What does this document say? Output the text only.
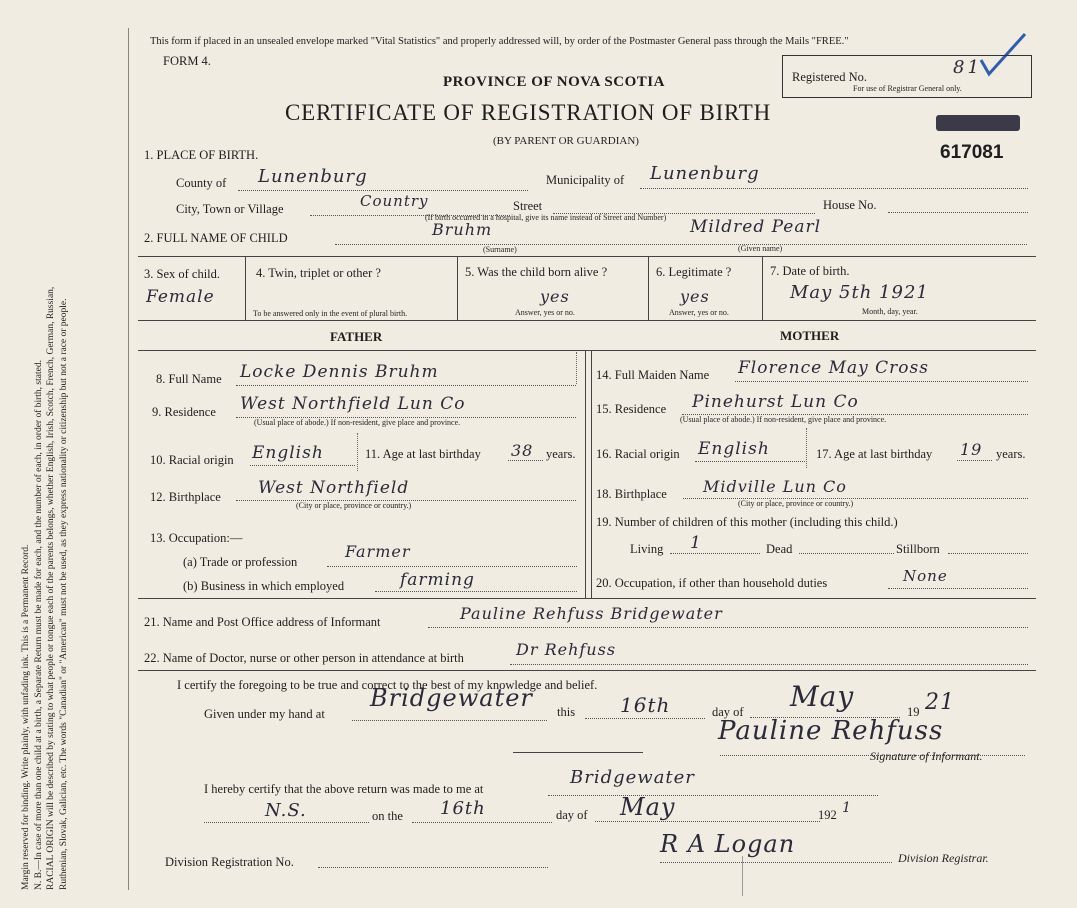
Margin reserved for binding. Write plainly, with unfading ink. This is a Permanent Record. N. B.—In case of more than one child at a birth, a Separate Return must be made for each, and the number of each, in order of birth, stated. RACIAL ORIGIN will be described by stating to what people or tongue each of the parents belongs, whether English, Irish, Scotch, French, German, Russian, Ruthenian, Slovak, Galician, etc. The words "Canadian" or "American" must not be used, as they express nationality or citizenship but not a race or people.
This form if placed in an unsealed envelope marked "Vital Statistics" and properly addressed will, by order of the Postmaster General pass through the Mails "FREE."
FORM 4.
PROVINCE OF NOVA SCOTIA
CERTIFICATE OF REGISTRATION OF BIRTH
(BY PARENT OR GUARDIAN)
Registered No.	81
For use of Registrar General only.
617081
1. PLACE OF BIRTH.
County of Lunenburg	Municipality of Lunenburg
City, Town or Village	Country	Street	House No.
(If birth occurred in a hospital, give its name instead of Street and Number)
2. FULL NAME OF CHILD	Bruhm	Mildred Pearl
(Surname)	(Given name)
3. Sex of child.
Female
4. Twin, triplet or other ?
To be answered only in the event of plural birth.
5. Was the child born alive ?
yes
Answer, yes or no.
6. Legitimate ?
yes
Answer, yes or no.
7. Date of birth.
May 5th 1921
Month, day, year.
FATHER	MOTHER
8. Full Name Locke Dennis Bruhm
9. Residence West Northfield Lun Co
(Usual place of abode.) If non-resident, give place and province.
10. Racial origin English	11. Age at last birthday 38 years.
12. Birthplace West Northfield
(City or place, province or country.)
13. Occupation:—
(a) Trade or profession
Farmer
(b) Business in which employed	farming
14. Full Maiden Name Florence May Cross
15. Residence Pinehurst Lun Co
(Usual place of abode.) If non-resident, give place and province.
16. Racial origin English	17. Age at last birthday 19 years.
18. Birthplace Midville Lun Co
(City or place, province or country.)
19. Number of children of this mother (including this child.)
Living 1	Dead	Stillborn
20. Occupation, if other than household duties	None
21. Name and Post Office address of Informant	Pauline Rehfuss Bridgewater
22. Name of Doctor, nurse or other person in attendance at birth	Dr Rehfuss
I certify the foregoing to be true and correct to the best of my knowledge and belief.
Given under my hand at
Bridgewater this 16th	day of May	19 21
Pauline Rehfuss
Signature of Informant.
I hereby certify that the above return was made to me at
Bridgewater
N.S.	on the 16th	day of May	192 1
R A Logan	Division Registrar.
Division Registration No.
